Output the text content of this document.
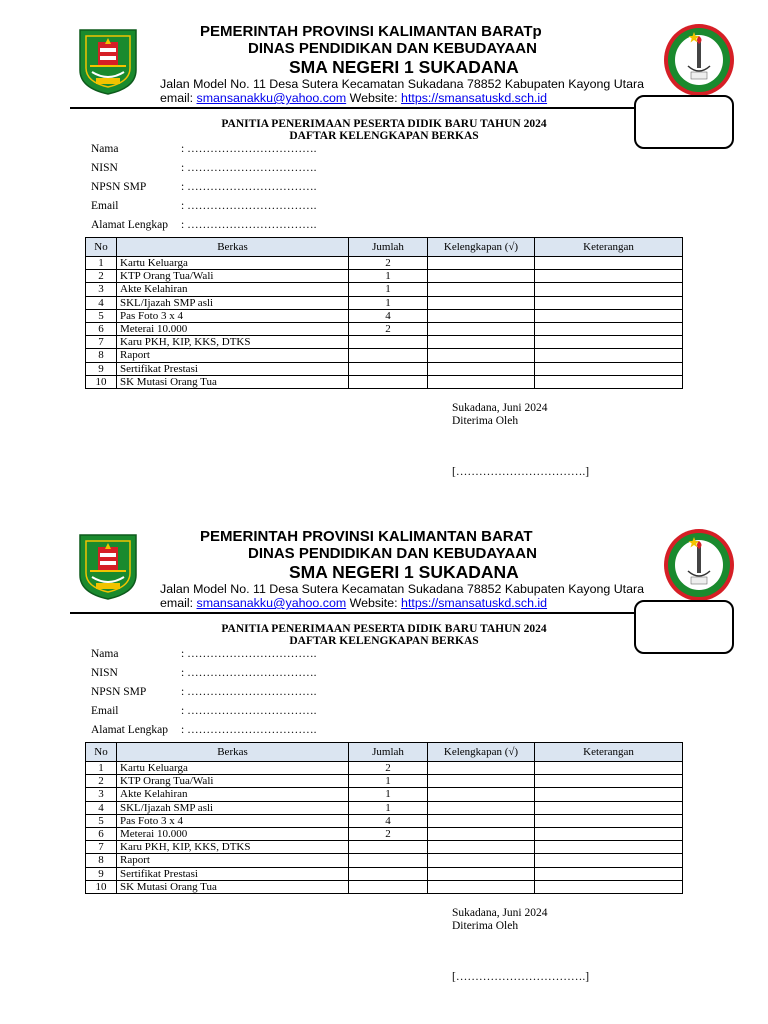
PEMERINTAH PROVINSI KALIMANTAN BARATp
DINAS PENDIDIKAN DAN KEBUDAYAAN
SMA NEGERI 1 SUKADANA
Jalan Model No. 11 Desa Sutera Kecamatan Sukadana 78852 Kabupaten Kayong Utara
email: smansanakku@yahoo.com Website: https://smansatuskd.sch.id
PANITIA PENERIMAAN PESERTA DIDIK BARU TAHUN 2024
DAFTAR KELENGKAPAN BERKAS
Nama	: …………………………….
NISN	: …………………………….
NPSN SMP	: …………………………….
Email	: …………………………….
Alamat Lengkap : …………………………….
No	Berkas	Jumlah	Kelengkapan (√)	Keterangan
1	Kartu Keluarga	2		
2	KTP Orang Tua/Wali	1		
3	Akte Kelahiran	1		
4	SKL/Ijazah SMP asli	1		
5	Pas Foto 3 x 4	4		
6	Meterai 10.000	2		
7	Karu PKH, KIP, KKS, DTKS			
8	Raport			
9	Sertifikat Prestasi			
10	SK Mutasi Orang Tua			
Sukadana, Juni 2024
Diterima Oleh
[…………………………….]
PEMERINTAH PROVINSI KALIMANTAN BARAT
DINAS PENDIDIKAN DAN KEBUDAYAAN
SMA NEGERI 1 SUKADANA
Jalan Model No. 11 Desa Sutera Kecamatan Sukadana 78852 Kabupaten Kayong Utara
email: smansanakku@yahoo.com Website: https://smansatuskd.sch.id
PANITIA PENERIMAAN PESERTA DIDIK BARU TAHUN 2024
DAFTAR KELENGKAPAN BERKAS
Nama	: …………………………….
NISN	: …………………………….
NPSN SMP	: …………………………….
Email	: …………………………….
Alamat Lengkap : …………………………….
No	Berkas	Jumlah	Kelengkapan (√)	Keterangan
1	Kartu Keluarga	2		
2	KTP Orang Tua/Wali	1		
3	Akte Kelahiran	1		
4	SKL/Ijazah SMP asli	1		
5	Pas Foto 3 x 4	4		
6	Meterai 10.000	2		
7	Karu PKH, KIP, KKS, DTKS			
8	Raport			
9	Sertifikat Prestasi			
10	SK Mutasi Orang Tua			
Sukadana, Juni 2024
Diterima Oleh
[…………………………….]
